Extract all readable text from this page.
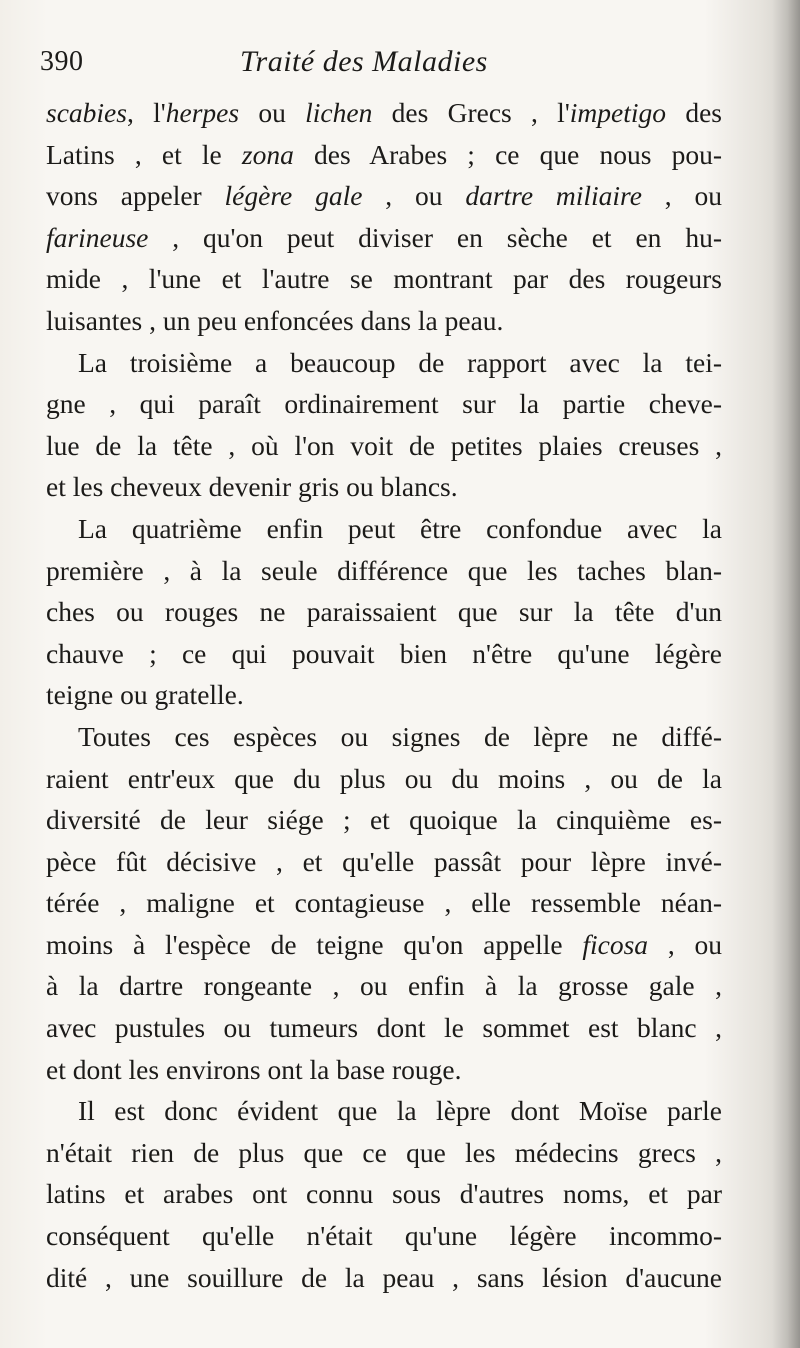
390	Traité des Maladies
scabies, l'herpes ou lichen des Grecs , l'impetigo des
Latins , et le zona des Arabes ; ce que nous pou-
vons appeler légère gale , ou dartre miliaire , ou
farineuse , qu'on peut diviser en sèche et en hu-
mide , l'une et l'autre se montrant par des rougeurs
luisantes , un peu enfoncées dans la peau.
La troisième a beaucoup de rapport avec la tei-
gne , qui paraît ordinairement sur la partie cheve-
lue de la tête , où l'on voit de petites plaies creuses ,
et les cheveux devenir gris ou blancs.
La quatrième enfin peut être confondue avec la
première , à la seule différence que les taches blan-
ches ou rouges ne paraissaient que sur la tête d'un
chauve ; ce qui pouvait bien n'être qu'une légère
teigne ou gratelle.
Toutes ces espèces ou signes de lèpre ne diffé-
raient entr'eux que du plus ou du moins , ou de la
diversité de leur siége ; et quoique la cinquième es-
pèce fût décisive , et qu'elle passât pour lèpre invé-
térée , maligne et contagieuse , elle ressemble néan-
moins à l'espèce de teigne qu'on appelle ficosa , ou
à la dartre rongeante , ou enfin à la grosse gale ,
avec pustules ou tumeurs dont le sommet est blanc ,
et dont les environs ont la base rouge.
Il est donc évident que la lèpre dont Moïse parle
n'était rien de plus que ce que les médecins grecs ,
latins et arabes ont connu sous d'autres noms, et par
conséquent qu'elle n'était qu'une légère incommo-
dité , une souillure de la peau , sans lésion d'aucune
